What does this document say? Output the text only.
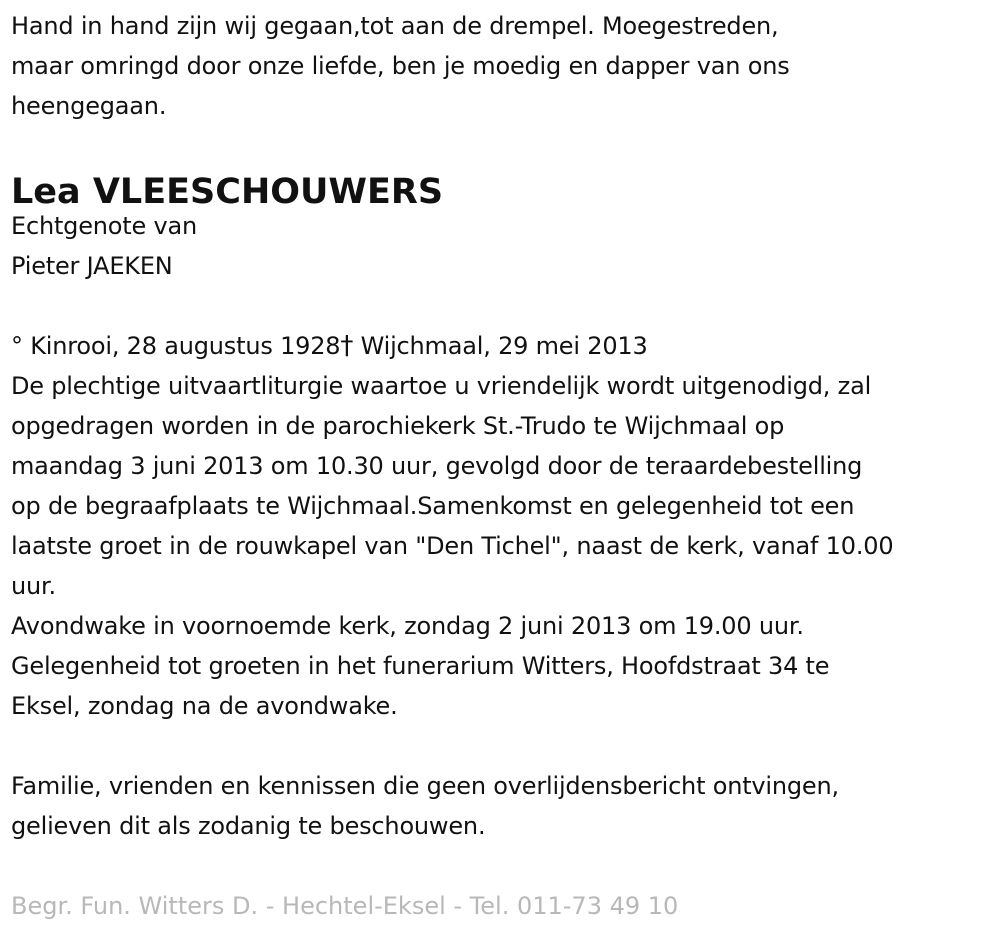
Hand in hand zijn wij gegaan,tot aan de drempel. Moegestreden,
maar omringd door onze liefde, ben je moedig en dapper van ons
heengegaan.
Lea VLEESCHOUWERS
Echtgenote van
Pieter JAEKEN
° Kinrooi, 28 augustus 1928† Wijchmaal, 29 mei 2013
De plechtige uitvaartliturgie waartoe u vriendelijk wordt uitgenodigd, zal
opgedragen worden in de parochiekerk St.-Trudo te Wijchmaal op
maandag 3 juni 2013 om 10.30 uur, gevolgd door de teraardebestelling
op de begraafplaats te Wijchmaal.Samenkomst en gelegenheid tot een
laatste groet in de rouwkapel van "Den Tichel", naast de kerk, vanaf 10.00
uur.
Avondwake in voornoemde kerk, zondag 2 juni 2013 om 19.00 uur.
Gelegenheid tot groeten in het funerarium Witters, Hoofdstraat 34 te
Eksel, zondag na de avondwake.
Familie, vrienden en kennissen die geen overlijdensbericht ontvingen,
gelieven dit als zodanig te beschouwen.
Begr. Fun. Witters D. - Hechtel-Eksel - Tel. 011-73 49 10
